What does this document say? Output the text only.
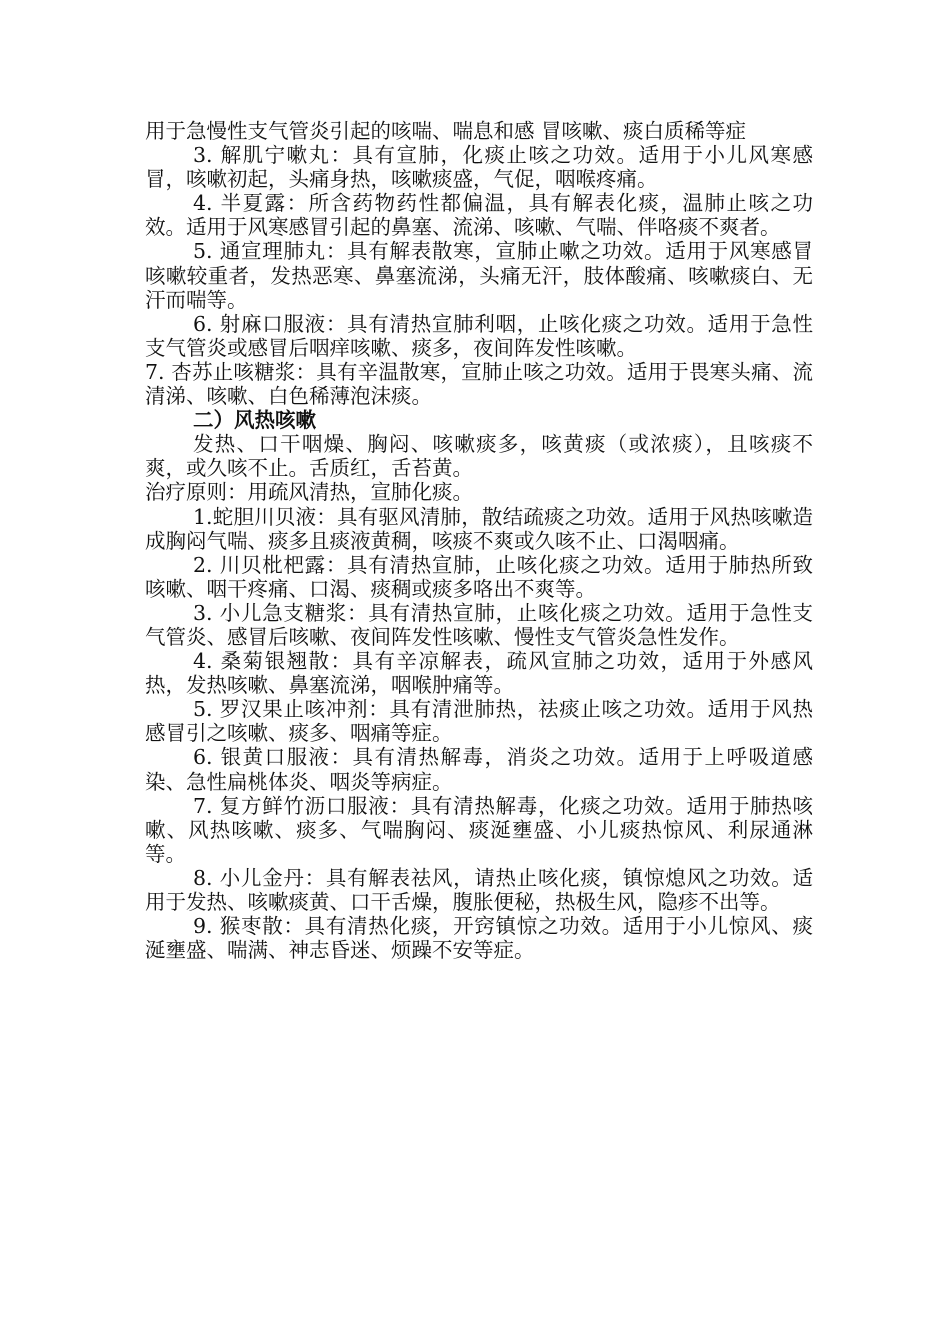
用于急慢性支气管炎引起的咳喘、喘息和感 冒咳嗽、痰白质稀等症

3. 解肌宁嗽丸：具有宣肺，化痰止咳之功效。适用于小儿风寒感冒，咳嗽初起，头痛身热，咳嗽痰盛，气促，咽喉疼痛。

4. 半夏露：所含药物药性都偏温，具有解表化痰，温肺止咳之功效。适用于风寒感冒引起的鼻塞、流涕、咳嗽、气喘、伴咯痰不爽者。

5. 通宣理肺丸：具有解表散寒，宣肺止嗽之功效。适用于风寒感冒咳嗽较重者，发热恶寒、鼻塞流涕，头痛无汗，肢体酸痛、咳嗽痰白、无汗而喘等。

6. 射麻口服液：具有清热宣肺利咽，止咳化痰之功效。适用于急性支气管炎或感冒后咽痒咳嗽、痰多，夜间阵发性咳嗽。

7. 杏苏止咳糖浆：具有辛温散寒，宣肺止咳之功效。适用于畏寒头痛、流清涕、咳嗽、白色稀薄泡沫痰。

二）风热咳嗽

发热、口干咽燥、胸闷、咳嗽痰多，咳黄痰（或浓痰），且咳痰不爽，或久咳不止。舌质红，舌苔黄。

治疗原则：用疏风清热，宣肺化痰。

1.蛇胆川贝液：具有驱风清肺，散结疏痰之功效。适用于风热咳嗽造成胸闷气喘、痰多且痰液黄稠，咳痰不爽或久咳不止、口渴咽痛。

2. 川贝枇杷露：具有清热宣肺，止咳化痰之功效。适用于肺热所致咳嗽、咽干疼痛、口渴、痰稠或痰多咯出不爽等。

3. 小儿急支糖浆：具有清热宣肺，止咳化痰之功效。适用于急性支气管炎、感冒后咳嗽、夜间阵发性咳嗽、慢性支气管炎急性发作。

4. 桑菊银翘散：具有辛凉解表，疏风宣肺之功效，适用于外感风热，发热咳嗽、鼻塞流涕，咽喉肿痛等。

5. 罗汉果止咳冲剂：具有清泄肺热，祛痰止咳之功效。适用于风热感冒引之咳嗽、痰多、咽痛等症。

6. 银黄口服液：具有清热解毒，消炎之功效。适用于上呼吸道感染、急性扁桃体炎、咽炎等病症。

7. 复方鲜竹沥口服液：具有清热解毒，化痰之功效。适用于肺热咳嗽、风热咳嗽、痰多、气喘胸闷、痰涎壅盛、小儿痰热惊风、利尿通淋等。

8. 小儿金丹：具有解表祛风，请热止咳化痰，镇惊熄风之功效。适用于发热、咳嗽痰黄、口干舌燥，腹胀便秘，热极生风，隐疹不出等。

9. 猴枣散：具有清热化痰，开窍镇惊之功效。适用于小儿惊风、痰涎壅盛、喘满、神志昏迷、烦躁不安等症。
